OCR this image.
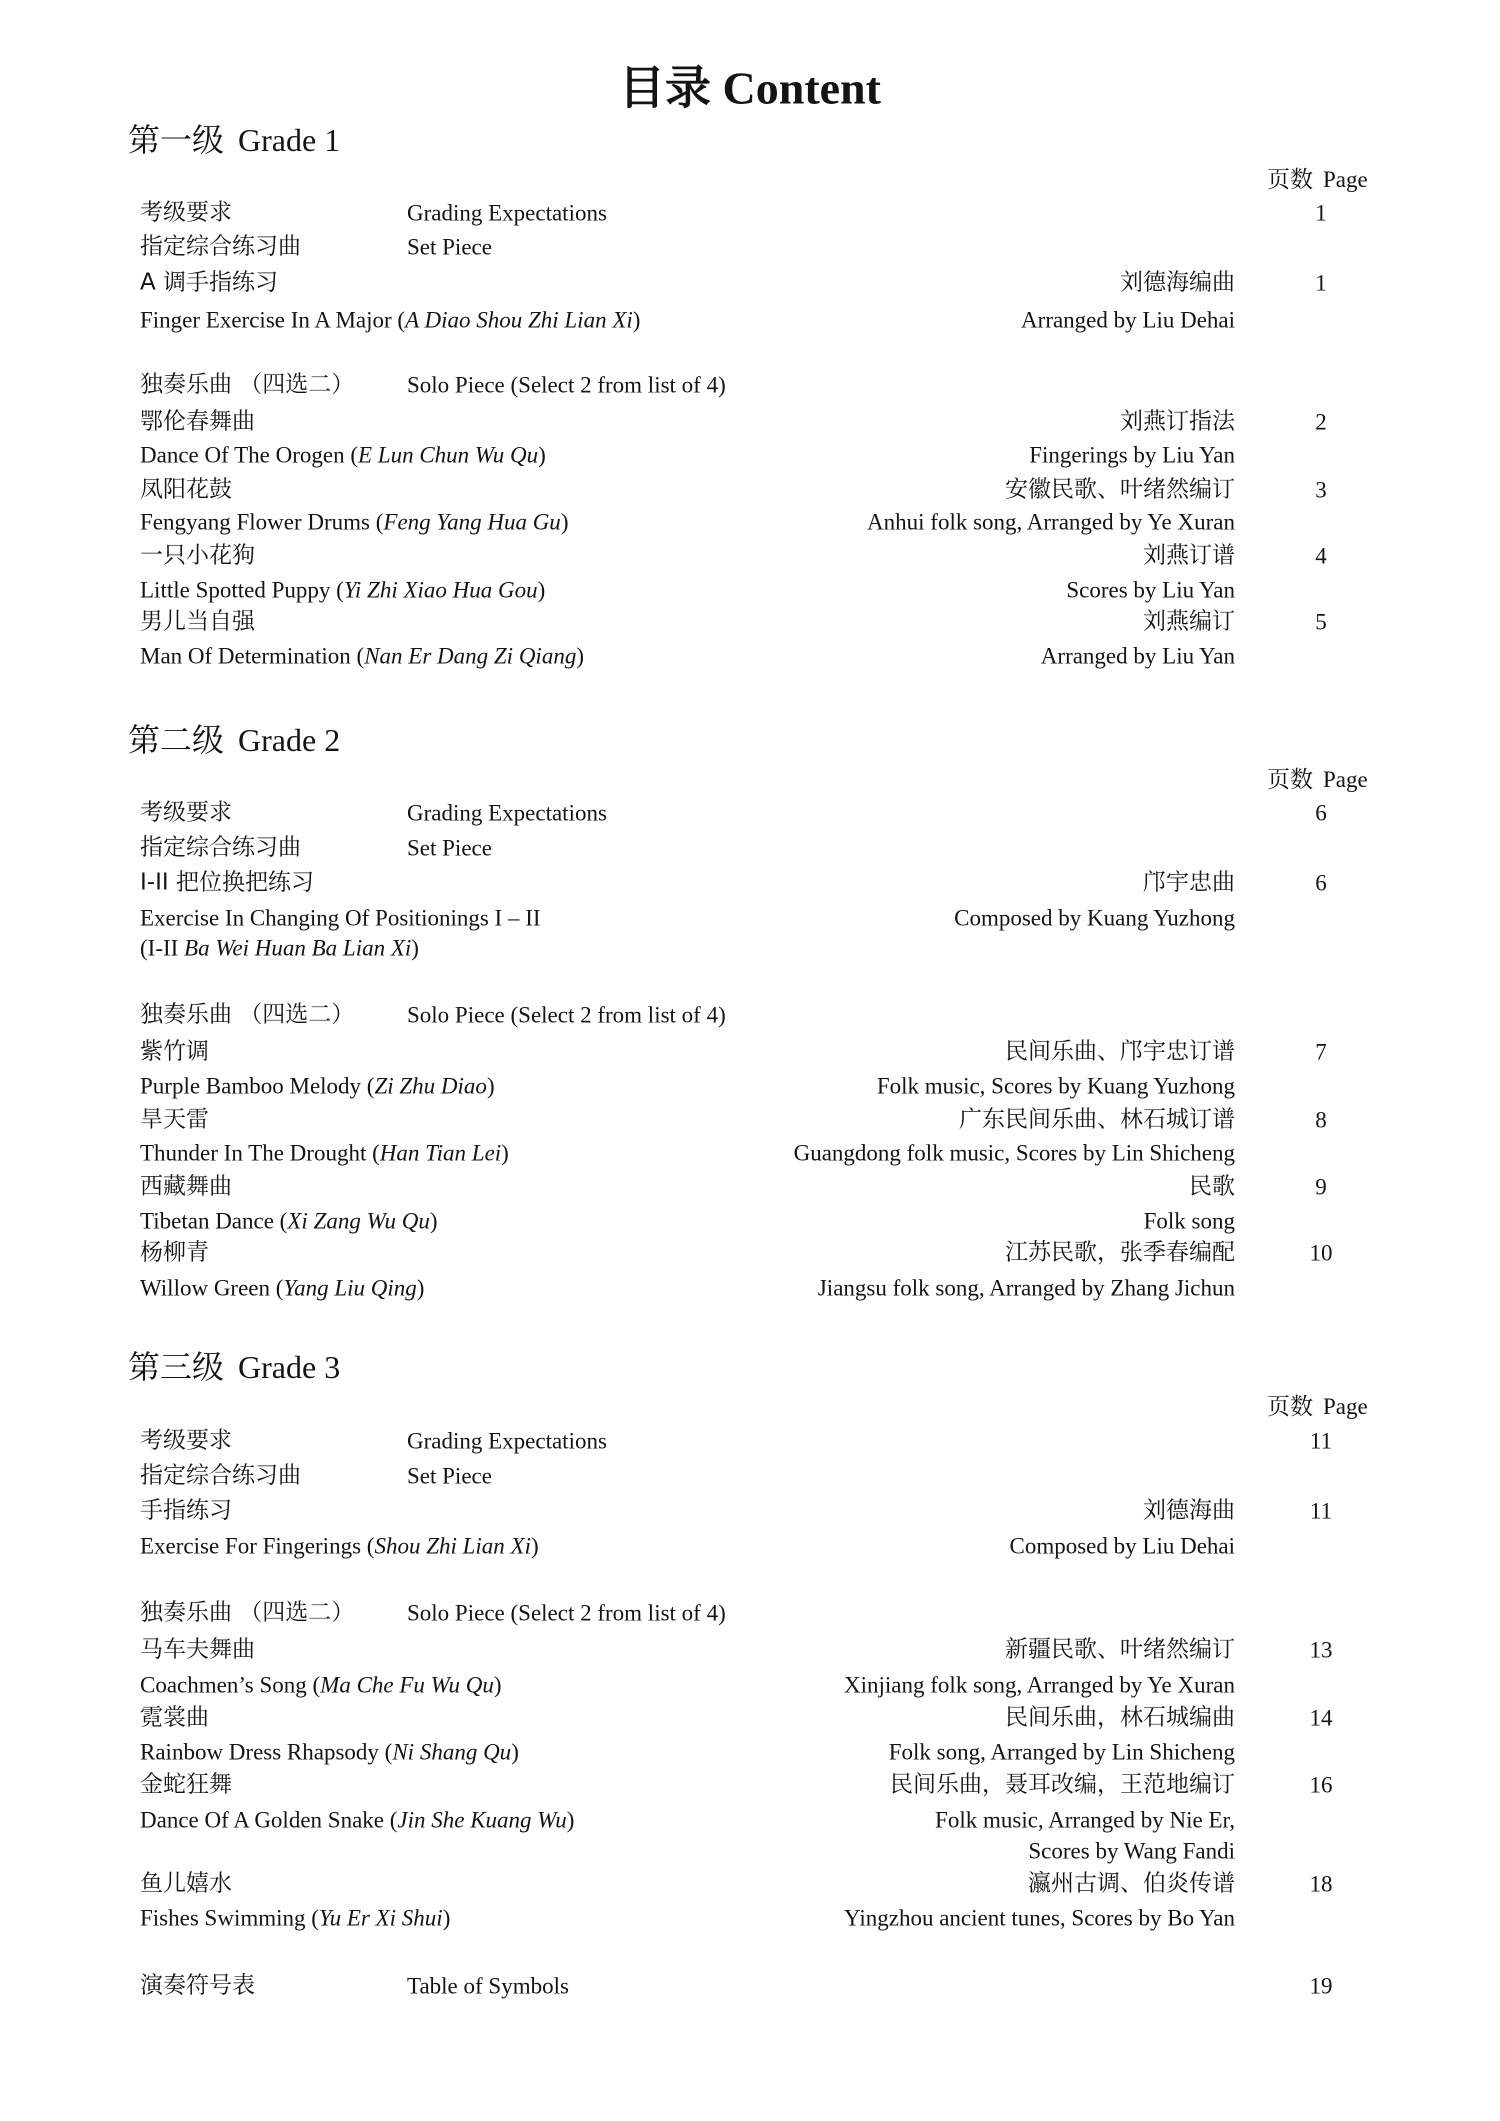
目录 Content
第一级 Grade 1
页数 Page
考级要求	Grading Expectations	1
指定综合练习曲	Set Piece
A 调手指练习	刘德海编曲	1
Finger Exercise In A Major (A Diao Shou Zhi Lian Xi)	Arranged by Liu Dehai
独奏乐曲 （四选二） Solo Piece (Select 2 from list of 4)
鄂伦春舞曲	刘燕订指法	2
Dance Of The Orogen (E Lun Chun Wu Qu)	Fingerings by Liu Yan
凤阳花鼓	安徽民歌、叶绪然编订	3
Fengyang Flower Drums (Feng Yang Hua Gu)	Anhui folk song, Arranged by Ye Xuran
一只小花狗	刘燕订谱	4
Little Spotted Puppy (Yi Zhi Xiao Hua Gou)	Scores by Liu Yan
男儿当自强	刘燕编订	5
Man Of Determination (Nan Er Dang Zi Qiang)	Arranged by Liu Yan
第二级 Grade 2
页数 Page
考级要求	Grading Expectations	6
指定综合练习曲	Set Piece
I-II 把位换把练习	邝宇忠曲	6
Exercise In Changing Of Positionings I – II	Composed by Kuang Yuzhong
(I-II Ba Wei Huan Ba Lian Xi)
独奏乐曲 （四选二） Solo Piece (Select 2 from list of 4)
紫竹调	民间乐曲、邝宇忠订谱	7
Purple Bamboo Melody (Zi Zhu Diao)	Folk music, Scores by Kuang Yuzhong
旱天雷	广东民间乐曲、林石城订谱	8
Thunder In The Drought (Han Tian Lei)	Guangdong folk music, Scores by Lin Shicheng
西藏舞曲	民歌	9
Tibetan Dance (Xi Zang Wu Qu)	Folk song
杨柳青	江苏民歌，张季春编配	10
Willow Green (Yang Liu Qing)	Jiangsu folk song, Arranged by Zhang Jichun
第三级 Grade 3
页数 Page
考级要求	Grading Expectations	11
指定综合练习曲	Set Piece
手指练习	刘德海曲	11
Exercise For Fingerings (Shou Zhi Lian Xi)	Composed by Liu Dehai
独奏乐曲 （四选二） Solo Piece (Select 2 from list of 4)
马车夫舞曲	新疆民歌、叶绪然编订	13
Coachmen’s Song (Ma Che Fu Wu Qu)	Xinjiang folk song, Arranged by Ye Xuran
霓裳曲	民间乐曲，林石城编曲	14
Rainbow Dress Rhapsody (Ni Shang Qu)	Folk song, Arranged by Lin Shicheng
金蛇狂舞	民间乐曲，聂耳改编，王范地编订	16
Dance Of A Golden Snake (Jin She Kuang Wu)	Folk music, Arranged by Nie Er,
Scores by Wang Fandi
鱼儿嬉水	瀛州古调、伯炎传谱	18
Fishes Swimming (Yu Er Xi Shui)	Yingzhou ancient tunes, Scores by Bo Yan
演奏符号表	Table of Symbols	19
